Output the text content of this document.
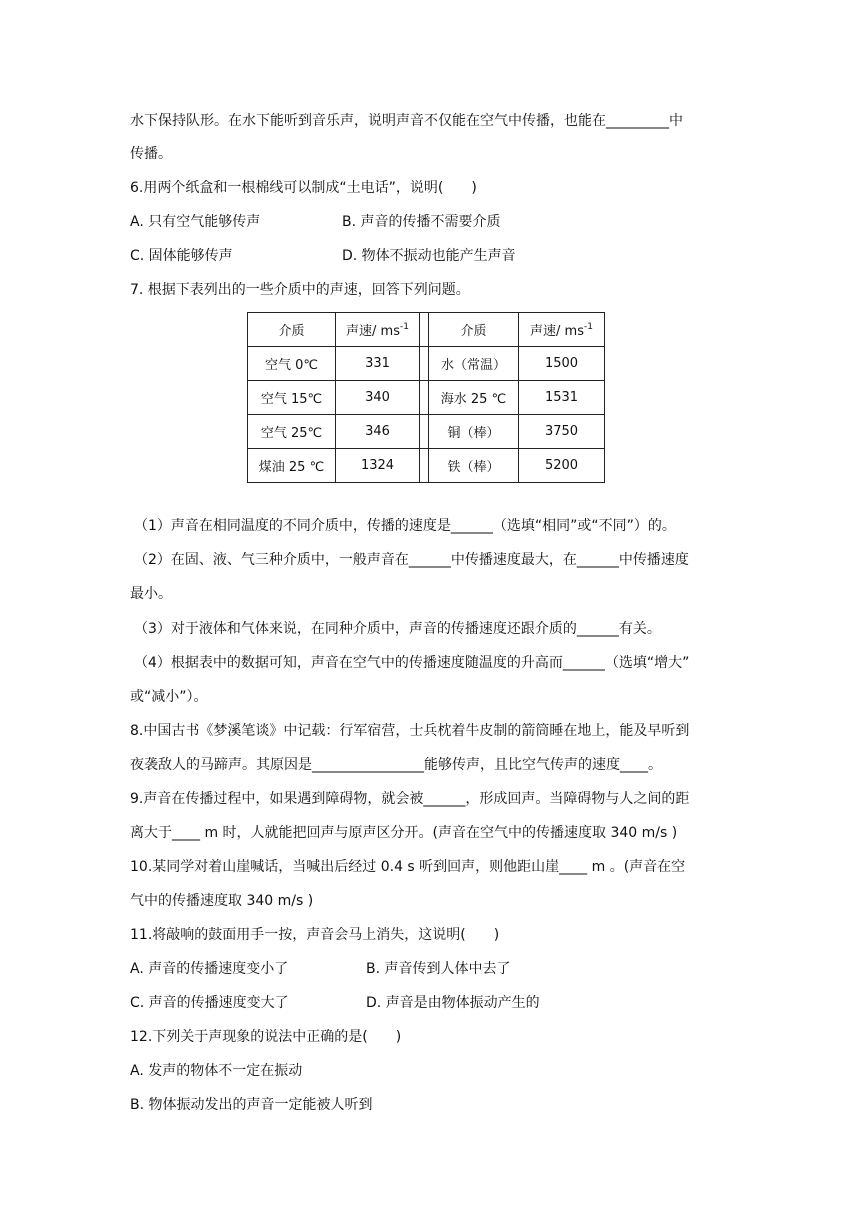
水下保持队形。在水下能听到音乐声，说明声音不仅能在空气中传播，也能在_________中
传播。
6.用两个纸盒和一根棉线可以制成“土电话”，说明(　　)
A. 只有空气能够传声	B. 声音的传播不需要介质
C. 固体能够传声	D. 物体不振动也能产生声音
7. 根据下表列出的一些介质中的声速，回答下列问题。
介质	声速/ $ms^{-1}$		介质	声速/ $ms^{-1}$
空气 0℃	331		水（常温）	1500
空气 15℃	340		海水 25 ℃	1531
空气 25℃	346		铜（棒）	3750
煤油 25 ℃	1324		铁（棒）	5200
（1）声音在相同温度的不同介质中，传播的速度是______（选填“相同”或“不同”）的。
（2）在固、液、气三种介质中，一般声音在______中传播速度最大，在______中传播速度
最小。
（3）对于液体和气体来说，在同种介质中，声音的传播速度还跟介质的______有关。
（4）根据表中的数据可知，声音在空气中的传播速度随温度的升高而______（选填“增大”
或“减小”）。
8.中国古书《梦溪笔谈》中记载：行军宿营，士兵枕着牛皮制的箭筒睡在地上，能及早听到
夜袭敌人的马蹄声。其原因是________________能够传声，且比空气传声的速度____。
9.声音在传播过程中，如果遇到障碍物，就会被______，形成回声。当障碍物与人之间的距
离大于____ m 时，人就能把回声与原声区分开。(声音在空气中的传播速度取 340 m/s )
10.某同学对着山崖喊话，当喊出后经过 0.4 s 听到回声，则他距山崖____ m 。(声音在空
气中的传播速度取 340 m/s )
11.将敲响的鼓面用手一按，声音会马上消失，这说明(　　)
A. 声音的传播速度变小了	B. 声音传到人体中去了
C. 声音的传播速度变大了	D. 声音是由物体振动产生的
12.下列关于声现象的说法中正确的是(　　)
A. 发声的物体不一定在振动
B. 物体振动发出的声音一定能被人听到
